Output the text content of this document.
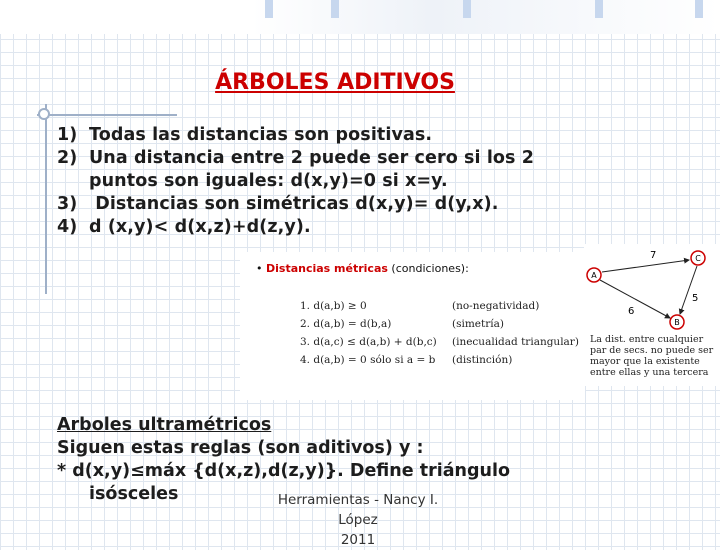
ÁRBOLES ADITIVOS
1) Todas las distancias son positivas.
2) Una distancia entre 2 puede ser cero si los 2
puntos son iguales: d(x,y)=0 si x=y.
3) Distancias son simétricas d(x,y)= d(y,x).
4) d (x,y)< d(x,z)+d(z,y).
• Distancias métricas (condiciones):
1. d(a,b) ≥ 0	(no-negatividad)
2. d(a,b) = d(b,a)	(simetría)
3. d(a,c) ≤ d(a,b) + d(b,c) (inecualidad triangular)
4. d(a,b) = 0 sólo si a = b (distinción)
A
C
B
7
5
6
La dist. entre cualquier par de secs. no puede ser mayor que la existente entre ellas y una tercera
Arboles ultramétricos
Siguen estas reglas (son aditivos) y :
* d(x,y)≤máx {d(x,z),d(z,y)}. Define triángulo
isósceles	Herramientas - Nancy I. López
2011
